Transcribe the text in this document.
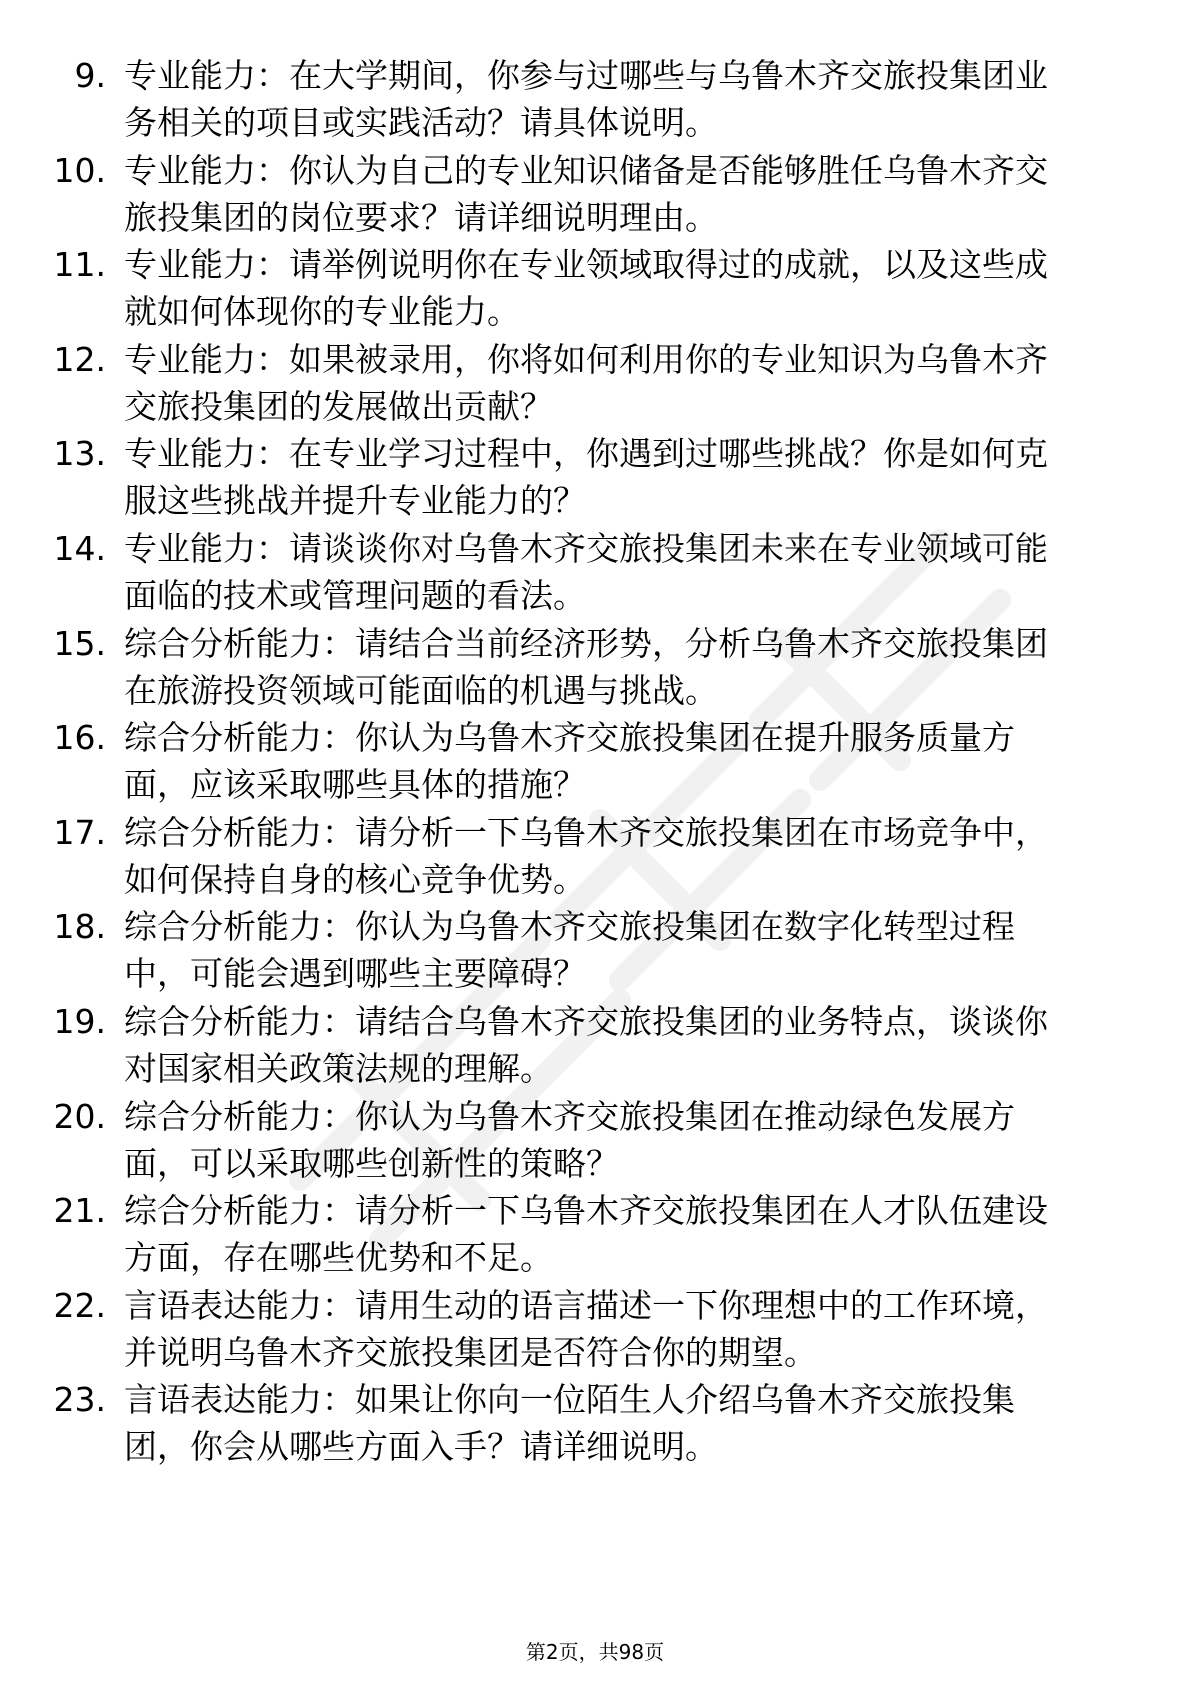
9. 专业能力：在大学期间，你参与过哪些与乌鲁木齐交旅投集团业务相关的项目或实践活动？请具体说明。
10. 专业能力：你认为自己的专业知识储备是否能够胜任乌鲁木齐交旅投集团的岗位要求？请详细说明理由。
11. 专业能力：请举例说明你在专业领域取得过的成就，以及这些成就如何体现你的专业能力。
12. 专业能力：如果被录用，你将如何利用你的专业知识为乌鲁木齐交旅投集团的发展做出贡献？
13. 专业能力：在专业学习过程中，你遇到过哪些挑战？你是如何克服这些挑战并提升专业能力的？
14. 专业能力：请谈谈你对乌鲁木齐交旅投集团未来在专业领域可能面临的技术或管理问题的看法。
15. 综合分析能力：请结合当前经济形势，分析乌鲁木齐交旅投集团在旅游投资领域可能面临的机遇与挑战。
16. 综合分析能力：你认为乌鲁木齐交旅投集团在提升服务质量方面，应该采取哪些具体的措施？
17. 综合分析能力：请分析一下乌鲁木齐交旅投集团在市场竞争中，如何保持自身的核心竞争优势。
18. 综合分析能力：你认为乌鲁木齐交旅投集团在数字化转型过程中，可能会遇到哪些主要障碍？
19. 综合分析能力：请结合乌鲁木齐交旅投集团的业务特点，谈谈你对国家相关政策法规的理解。
20. 综合分析能力：你认为乌鲁木齐交旅投集团在推动绿色发展方面，可以采取哪些创新性的策略？
21. 综合分析能力：请分析一下乌鲁木齐交旅投集团在人才队伍建设方面，存在哪些优势和不足。
22. 言语表达能力：请用生动的语言描述一下你理想中的工作环境，并说明乌鲁木齐交旅投集团是否符合你的期望。
23. 言语表达能力：如果让你向一位陌生人介绍乌鲁木齐交旅投集团，你会从哪些方面入手？请详细说明。
第2页，共98页
